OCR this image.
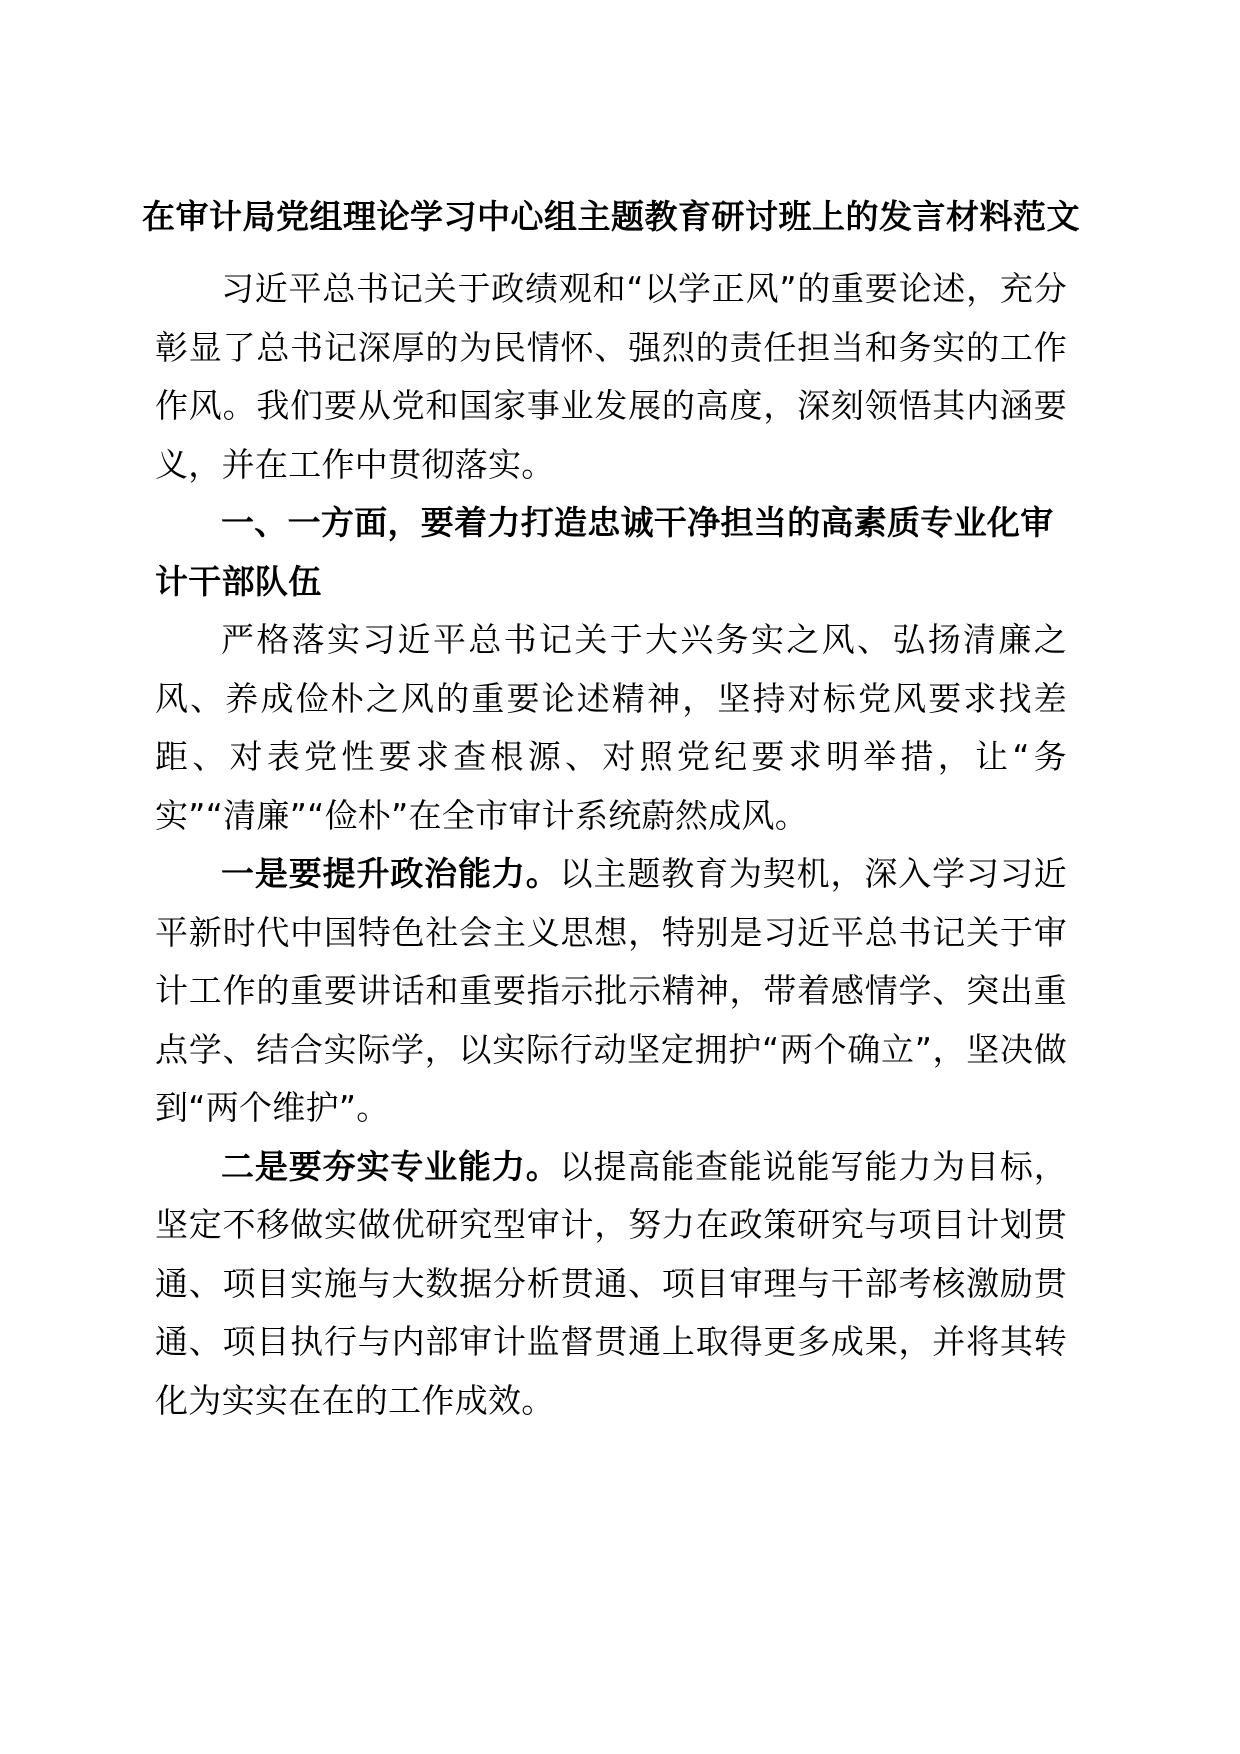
在审计局党组理论学习中心组主题教育研讨班上的发言材料范文

习近平总书记关于政绩观和“以学正风”的重要论述，充分彰显了总书记深厚的为民情怀、强烈的责任担当和务实的工作作风。我们要从党和国家事业发展的高度，深刻领悟其内涵要义，并在工作中贯彻落实。

一、一方面，要着力打造忠诚干净担当的高素质专业化审计干部队伍

严格落实习近平总书记关于大兴务实之风、弘扬清廉之风、养成俭朴之风的重要论述精神，坚持对标党风要求找差距、对表党性要求查根源、对照党纪要求明举措，让“务实”“清廉”“俭朴”在全市审计系统蔚然成风。

一是要提升政治能力。以主题教育为契机，深入学习习近平新时代中国特色社会主义思想，特别是习近平总书记关于审计工作的重要讲话和重要指示批示精神，带着感情学、突出重点学、结合实际学，以实际行动坚定拥护“两个确立”，坚决做到“两个维护”。

二是要夯实专业能力。以提高能查能说能写能力为目标，坚定不移做实做优研究型审计，努力在政策研究与项目计划贯通、项目实施与大数据分析贯通、项目审理与干部考核激励贯通、项目执行与内部审计监督贯通上取得更多成果，并将其转化为实实在在的工作成效。
